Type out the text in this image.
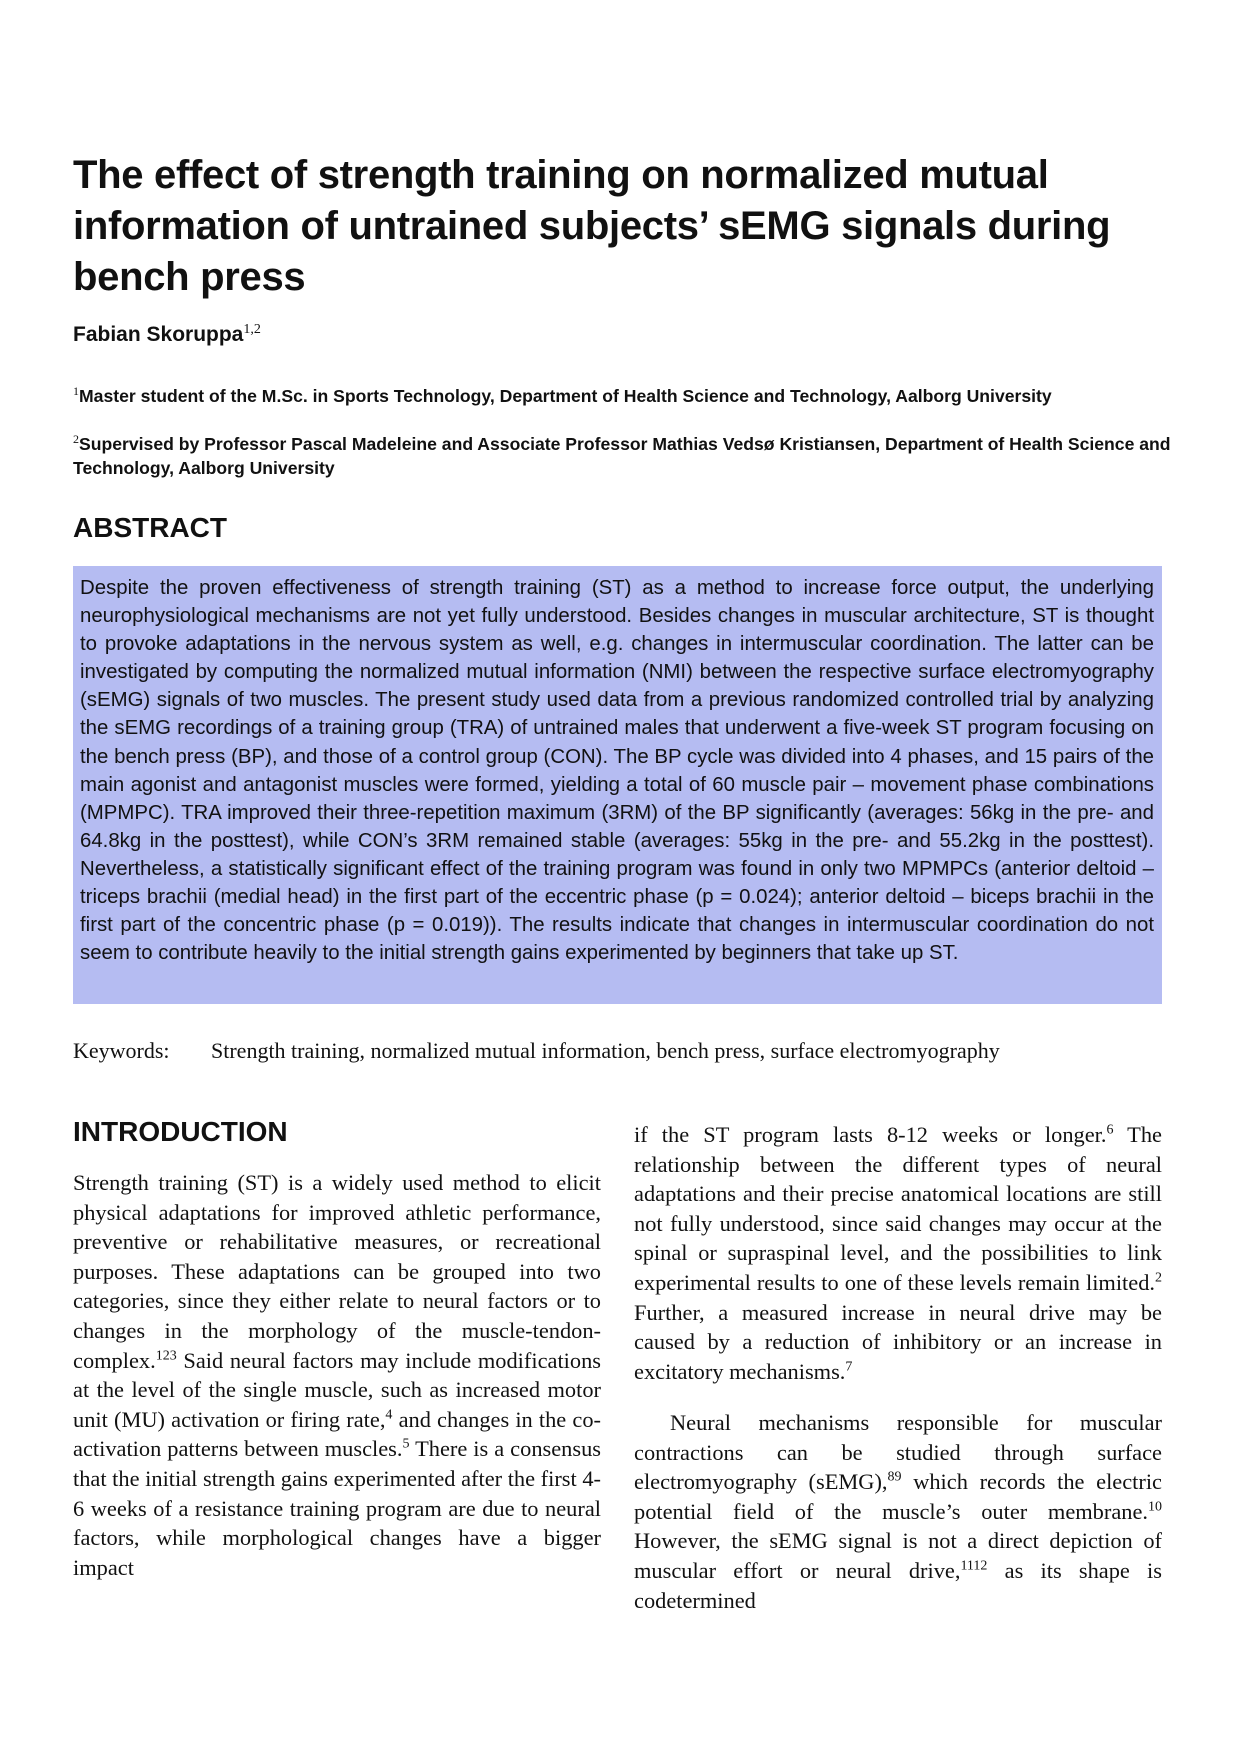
The effect of strength training on normalized mutual information of untrained subjects’ sEMG signals during bench press
Fabian Skoruppa$^{1,2}$
$^1$Master student of the M.Sc. in Sports Technology, Department of Health Science and Technology, Aalborg University
$^2$Supervised by Professor Pascal Madeleine and Associate Professor Mathias Vedsø Kristiansen, Department of Health Science and Technology, Aalborg University
ABSTRACT

Despite the proven effectiveness of strength training (ST) as a method to increase force output, the underlying neurophysiological mechanisms are not yet fully understood. Besides changes in muscular architecture, ST is thought to provoke adaptations in the nervous system as well, e.g. changes in intermuscular coordination. The latter can be investigated by computing the normalized mutual information (NMI) between the respective surface electromyography (sEMG) signals of two muscles. The present study used data from a previous randomized controlled trial by analyzing the sEMG recordings of a training group (TRA) of untrained males that underwent a five-week ST program focusing on the bench press (BP), and those of a control group (CON). The BP cycle was divided into 4 phases, and 15 pairs of the main agonist and antagonist muscles were formed, yielding a total of 60 muscle pair – movement phase combinations (MPMPC). TRA improved their three-repetition maximum (3RM) of the BP significantly (averages: 56kg in the pre- and 64.8kg in the posttest), while CON’s 3RM remained stable (averages: 55kg in the pre- and 55.2kg in the posttest). Nevertheless, a statistically significant effect of the training program was found in only two MPMPCs (anterior deltoid – triceps brachii (medial head) in the first part of the eccentric phase (p = 0.024); anterior deltoid – biceps brachii in the first part of the concentric phase (p = 0.019)). The results indicate that changes in intermuscular coordination do not seem to contribute heavily to the initial strength gains experimented by beginners that take up ST.

Keywords: Strength training, normalized mutual information, bench press, surface electromyography
INTRODUCTION

Strength training (ST) is a widely used method to elicit physical adaptations for improved athletic performance, preventive or rehabilitative measures, or recreational purposes. These adaptations can be grouped into two categories, since they either relate to neural factors or to changes in the morphology of the muscle-tendon-complex.$^{123}$ Said neural factors may include modifications at the level of the single muscle, such as increased motor unit (MU) activation or firing rate,$^4$ and changes in the co-activation patterns between muscles.$^5$ There is a consensus that the initial strength gains experimented after the first 4-6 weeks of a resistance training program are due to neural factors, while morphological changes have a bigger impact

if the ST program lasts 8-12 weeks or longer.$^6$ The relationship between the different types of neural adaptations and their precise anatomical locations are still not fully understood, since said changes may occur at the spinal or supraspinal level, and the possibilities to link experimental results to one of these levels remain limited.$^2$ Further, a measured increase in neural drive may be caused by a reduction of inhibitory or an increase in excitatory mechanisms.$^7$

Neural mechanisms responsible for muscular contractions can be studied through surface electromyography (sEMG),$^{89}$ which records the electric potential field of the muscle’s outer membrane.$^{10}$ However, the sEMG signal is not a direct depiction of muscular effort or neural drive,$^{1112}$ as its shape is codetermined
